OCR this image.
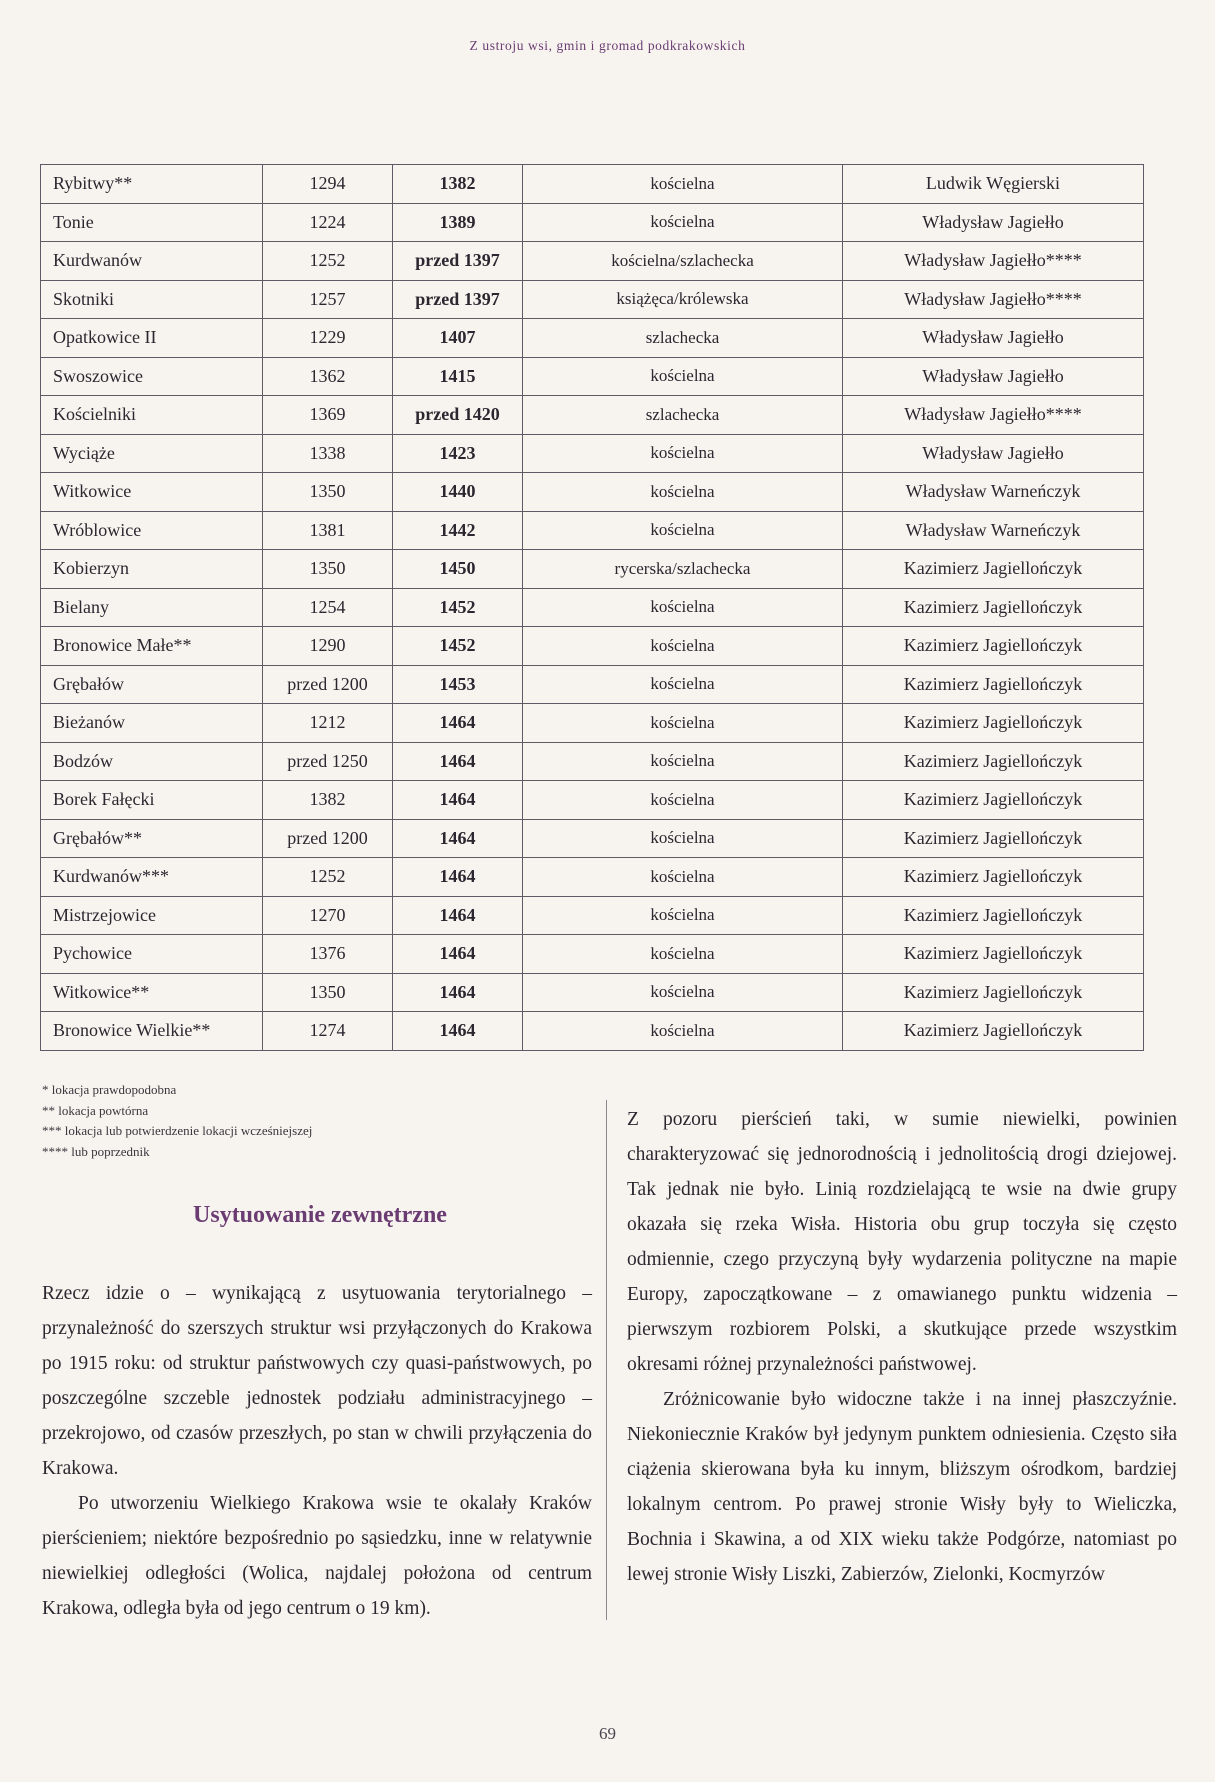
Z ustroju wsi, gmin i gromad podkrakowskich
Rybitwy**	1294	1382	kościelna	Ludwik Węgierski
Tonie	1224	1389	kościelna	Władysław Jagiełło
Kurdwanów	1252	przed 1397	kościelna/szlachecka	Władysław Jagiełło****
Skotniki	1257	przed 1397	książęca/królewska	Władysław Jagiełło****
Opatkowice II	1229	1407	szlachecka	Władysław Jagiełło
Swoszowice	1362	1415	kościelna	Władysław Jagiełło
Kościelniki	1369	przed 1420	szlachecka	Władysław Jagiełło****
Wyciąże	1338	1423	kościelna	Władysław Jagiełło
Witkowice	1350	1440	kościelna	Władysław Warneńczyk
Wróblowice	1381	1442	kościelna	Władysław Warneńczyk
Kobierzyn	1350	1450	rycerska/szlachecka	Kazimierz Jagiellończyk
Bielany	1254	1452	kościelna	Kazimierz Jagiellończyk
Bronowice Małe**	1290	1452	kościelna	Kazimierz Jagiellończyk
Grębałów	przed 1200	1453	kościelna	Kazimierz Jagiellończyk
Bieżanów	1212	1464	kościelna	Kazimierz Jagiellończyk
Bodzów	przed 1250	1464	kościelna	Kazimierz Jagiellończyk
Borek Fałęcki	1382	1464	kościelna	Kazimierz Jagiellończyk
Grębałów**	przed 1200	1464	kościelna	Kazimierz Jagiellończyk
Kurdwanów***	1252	1464	kościelna	Kazimierz Jagiellończyk
Mistrzejowice	1270	1464	kościelna	Kazimierz Jagiellończyk
Pychowice	1376	1464	kościelna	Kazimierz Jagiellończyk
Witkowice**	1350	1464	kościelna	Kazimierz Jagiellończyk
Bronowice Wielkie**	1274	1464	kościelna	Kazimierz Jagiellończyk
* lokacja prawdopodobna
** lokacja powtórna
*** lokacja lub potwierdzenie lokacji wcześniejszej
**** lub poprzednik
Usytuowanie zewnętrzne

Rzecz idzie o – wynikającą z usytuowania terytorialnego – przynależność do szerszych struktur wsi przyłączonych do Krakowa po 1915 roku: od struktur państwowych czy quasi-państwowych, po poszczególne szczeble jednostek podziału administracyjnego – przekrojowo, od czasów przeszłych, po stan w chwili przyłączenia do Krakowa.

Po utworzeniu Wielkiego Krakowa wsie te okalały Kraków pierścieniem; niektóre bezpośrednio po sąsiedzku, inne w relatywnie niewielkiej odległości (Wolica, najdalej położona od centrum Krakowa, odległa była od jego centrum o 19 km).

Z pozoru pierścień taki, w sumie niewielki, powinien charakteryzować się jednorodnością i jednolitością drogi dziejowej. Tak jednak nie było. Linią rozdzielającą te wsie na dwie grupy okazała się rzeka Wisła. Historia obu grup toczyła się często odmiennie, czego przyczyną były wydarzenia polityczne na mapie Europy, zapoczątkowane – z omawianego punktu widzenia – pierwszym rozbiorem Polski, a skutkujące przede wszystkim okresami różnej przynależności państwowej.

Zróżnicowanie było widoczne także i na innej płaszczyźnie. Niekoniecznie Kraków był jedynym punktem odniesienia. Często siła ciążenia skierowana była ku innym, bliższym ośrodkom, bardziej lokalnym centrom. Po prawej stronie Wisły były to Wieliczka, Bochnia i Skawina, a od XIX wieku także Podgórze, natomiast po lewej stronie Wisły Liszki, Zabierzów, Zielonki, Kocmyrzów

69
